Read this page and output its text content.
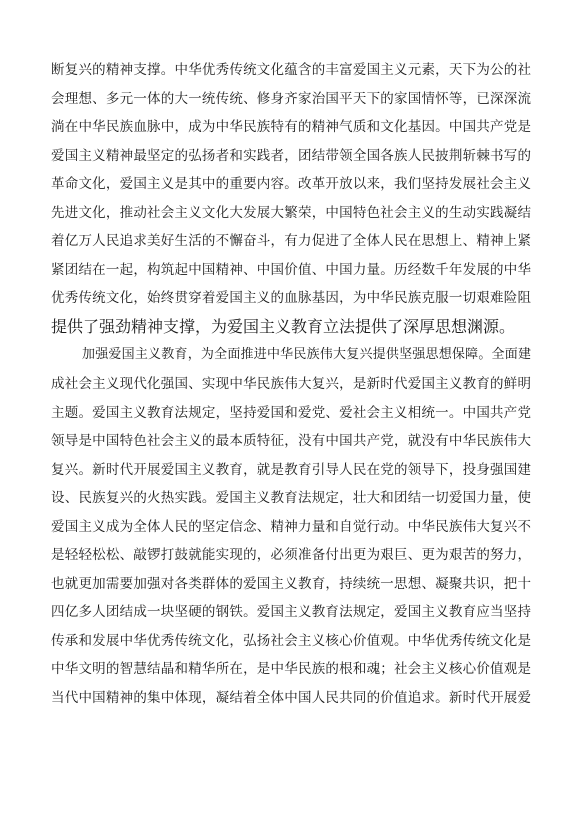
断复兴的精神支撑。中华优秀传统文化蕴含的丰富爱国主义元素，天下为公的社
会理想、多元一体的大一统传统、修身齐家治国平天下的家国情怀等，已深深流
淌在中华民族血脉中，成为中华民族特有的精神气质和文化基因。中国共产党是
爱国主义精神最坚定的弘扬者和实践者，团结带领全国各族人民披荆斩棘书写的
革命文化，爱国主义是其中的重要内容。改革开放以来，我们坚持发展社会主义
先进文化，推动社会主义文化大发展大繁荣，中国特色社会主义的生动实践凝结
着亿万人民追求美好生活的不懈奋斗，有力促进了全体人民在思想上、精神上紧
紧团结在一起，构筑起中国精神、中国价值、中国力量。历经数千年发展的中华
优秀传统文化，始终贯穿着爱国主义的血脉基因，为中华民族克服一切艰难险阻
提供了强劲精神支撑，为爱国主义教育立法提供了深厚思想渊源。
加强爱国主义教育，为全面推进中华民族伟大复兴提供坚强思想保障。全面建
成社会主义现代化强国、实现中华民族伟大复兴，是新时代爱国主义教育的鲜明
主题。爱国主义教育法规定，坚持爱国和爱党、爱社会主义相统一。中国共产党
领导是中国特色社会主义的最本质特征，没有中国共产党，就没有中华民族伟大
复兴。新时代开展爱国主义教育，就是教育引导人民在党的领导下，投身强国建
设、民族复兴的火热实践。爱国主义教育法规定，壮大和团结一切爱国力量，使
爱国主义成为全体人民的坚定信念、精神力量和自觉行动。中华民族伟大复兴不
是轻轻松松、敲锣打鼓就能实现的，必须准备付出更为艰巨、更为艰苦的努力，
也就更加需要加强对各类群体的爱国主义教育，持续统一思想、凝聚共识，把十
四亿多人团结成一块坚硬的钢铁。爱国主义教育法规定，爱国主义教育应当坚持
传承和发展中华优秀传统文化，弘扬社会主义核心价值观。中华优秀传统文化是
中华文明的智慧结晶和精华所在，是中华民族的根和魂；社会主义核心价值观是
当代中国精神的集中体现，凝结着全体中国人民共同的价值追求。新时代开展爱
